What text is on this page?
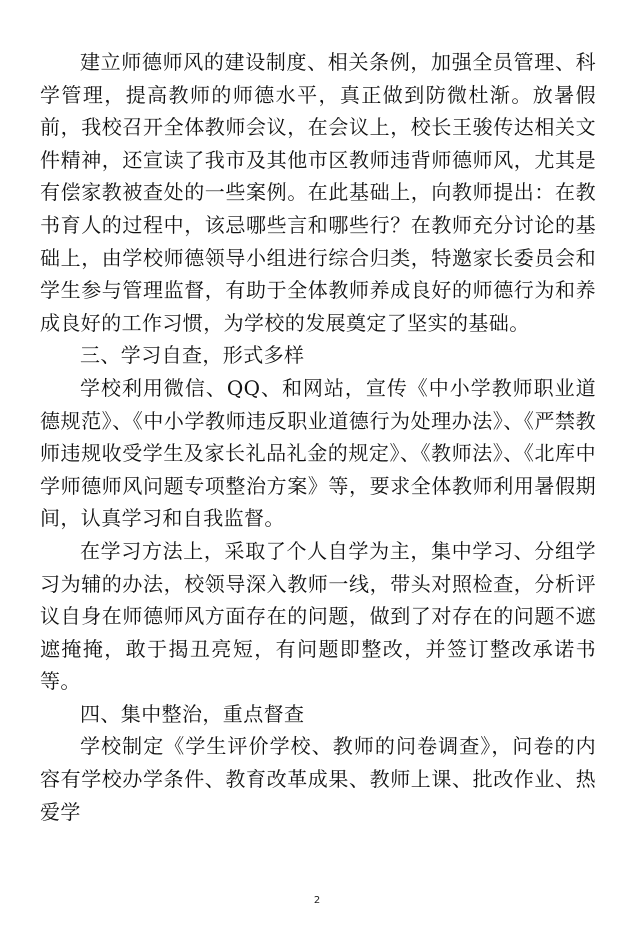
建立师德师风的建设制度、相关条例，加强全员管理、科学管理，提高教师的师德水平，真正做到防微杜渐。放暑假前，我校召开全体教师会议，在会议上，校长王骏传达相关文件精神，还宣读了我市及其他市区教师违背师德师风，尤其是有偿家教被查处的一些案例。在此基础上，向教师提出：在教书育人的过程中，该忌哪些言和哪些行？在教师充分讨论的基础上，由学校师德领导小组进行综合归类，特邀家长委员会和学生参与管理监督，有助于全体教师养成良好的师德行为和养成良好的工作习惯，为学校的发展奠定了坚实的基础。

三、学习自查，形式多样

学校利用微信、QQ、和网站，宣传《中小学教师职业道德规范》、《中小学教师违反职业道德行为处理办法》、《严禁教师违规收受学生及家长礼品礼金的规定》、《教师法》、《北库中学师德师风问题专项整治方案》等，要求全体教师利用暑假期间，认真学习和自我监督。

在学习方法上，采取了个人自学为主，集中学习、分组学习为辅的办法，校领导深入教师一线，带头对照检查，分析评议自身在师德师风方面存在的问题，做到了对存在的问题不遮遮掩掩，敢于揭丑亮短，有问题即整改，并签订整改承诺书等。

四、集中整治，重点督查

学校制定《学生评价学校、教师的问卷调查》，问卷的内容有学校办学条件、教育改革成果、教师上课、批改作业、热爱学

2
